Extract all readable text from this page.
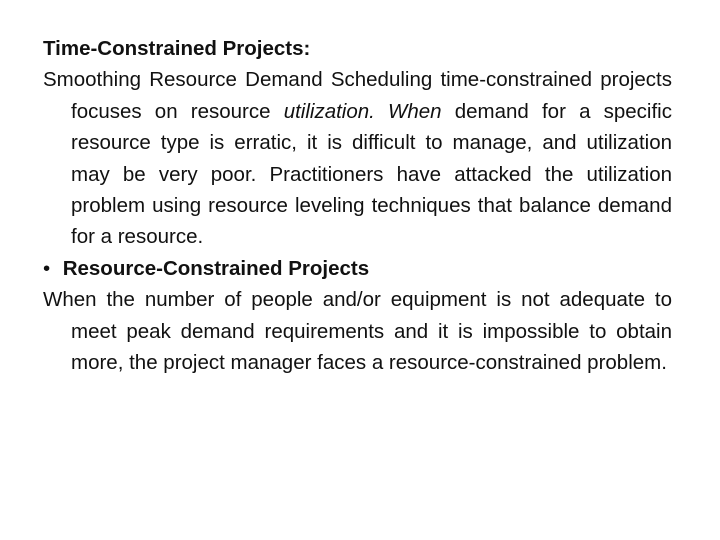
Time-Constrained Projects:

Smoothing Resource Demand Scheduling time-constrained projects focuses on resource utilization. When demand for a specific resource type is erratic, it is difficult to manage, and utilization may be very poor. Practitioners have attacked the utilization problem using resource leveling techniques that balance demand for a resource.

• Resource-Constrained Projects

When the number of people and/or equipment is not adequate to meet peak demand requirements and it is impossible to obtain more, the project manager faces a resource-constrained problem.
